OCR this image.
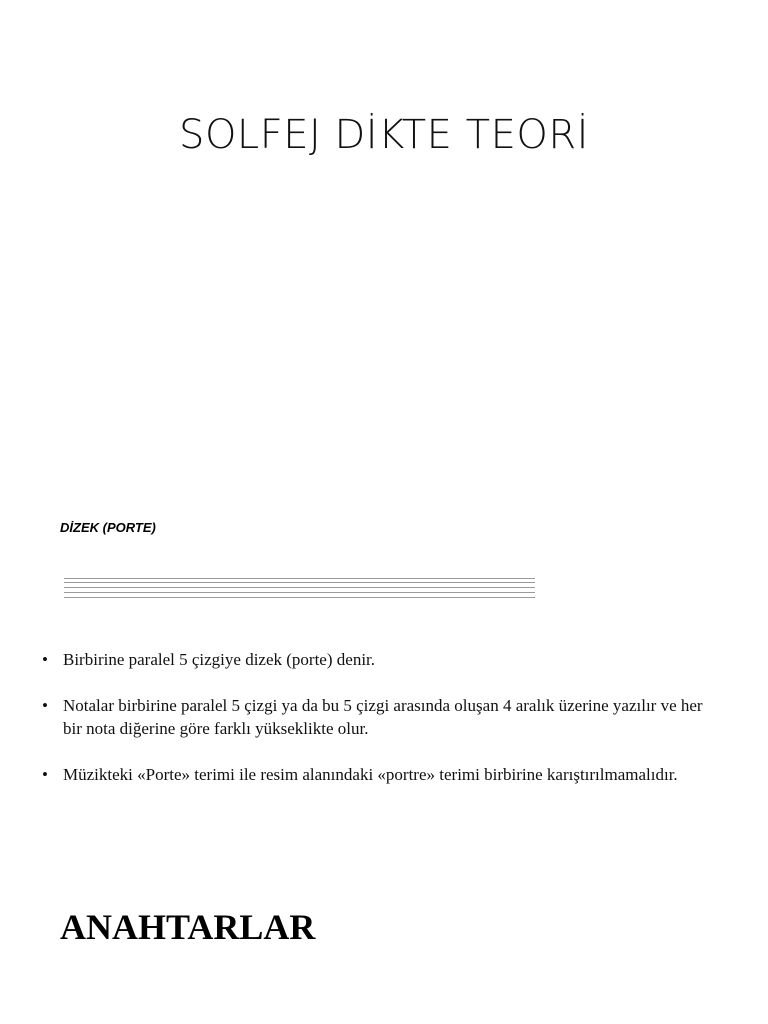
SOLFEJ DİKTE TEORİ
DİZEK (PORTE)
• Birbirine paralel 5 çizgiye dizek (porte) denir.
• Notalar birbirine paralel 5 çizgi ya da bu 5 çizgi arasında oluşan 4 aralık üzerine yazılır ve her bir nota diğerine göre farklı yükseklikte olur.
• Müzikteki «Porte» terimi ile resim alanındaki «portre» terimi birbirine karıştırılmamalıdır.
ANAHTARLAR
